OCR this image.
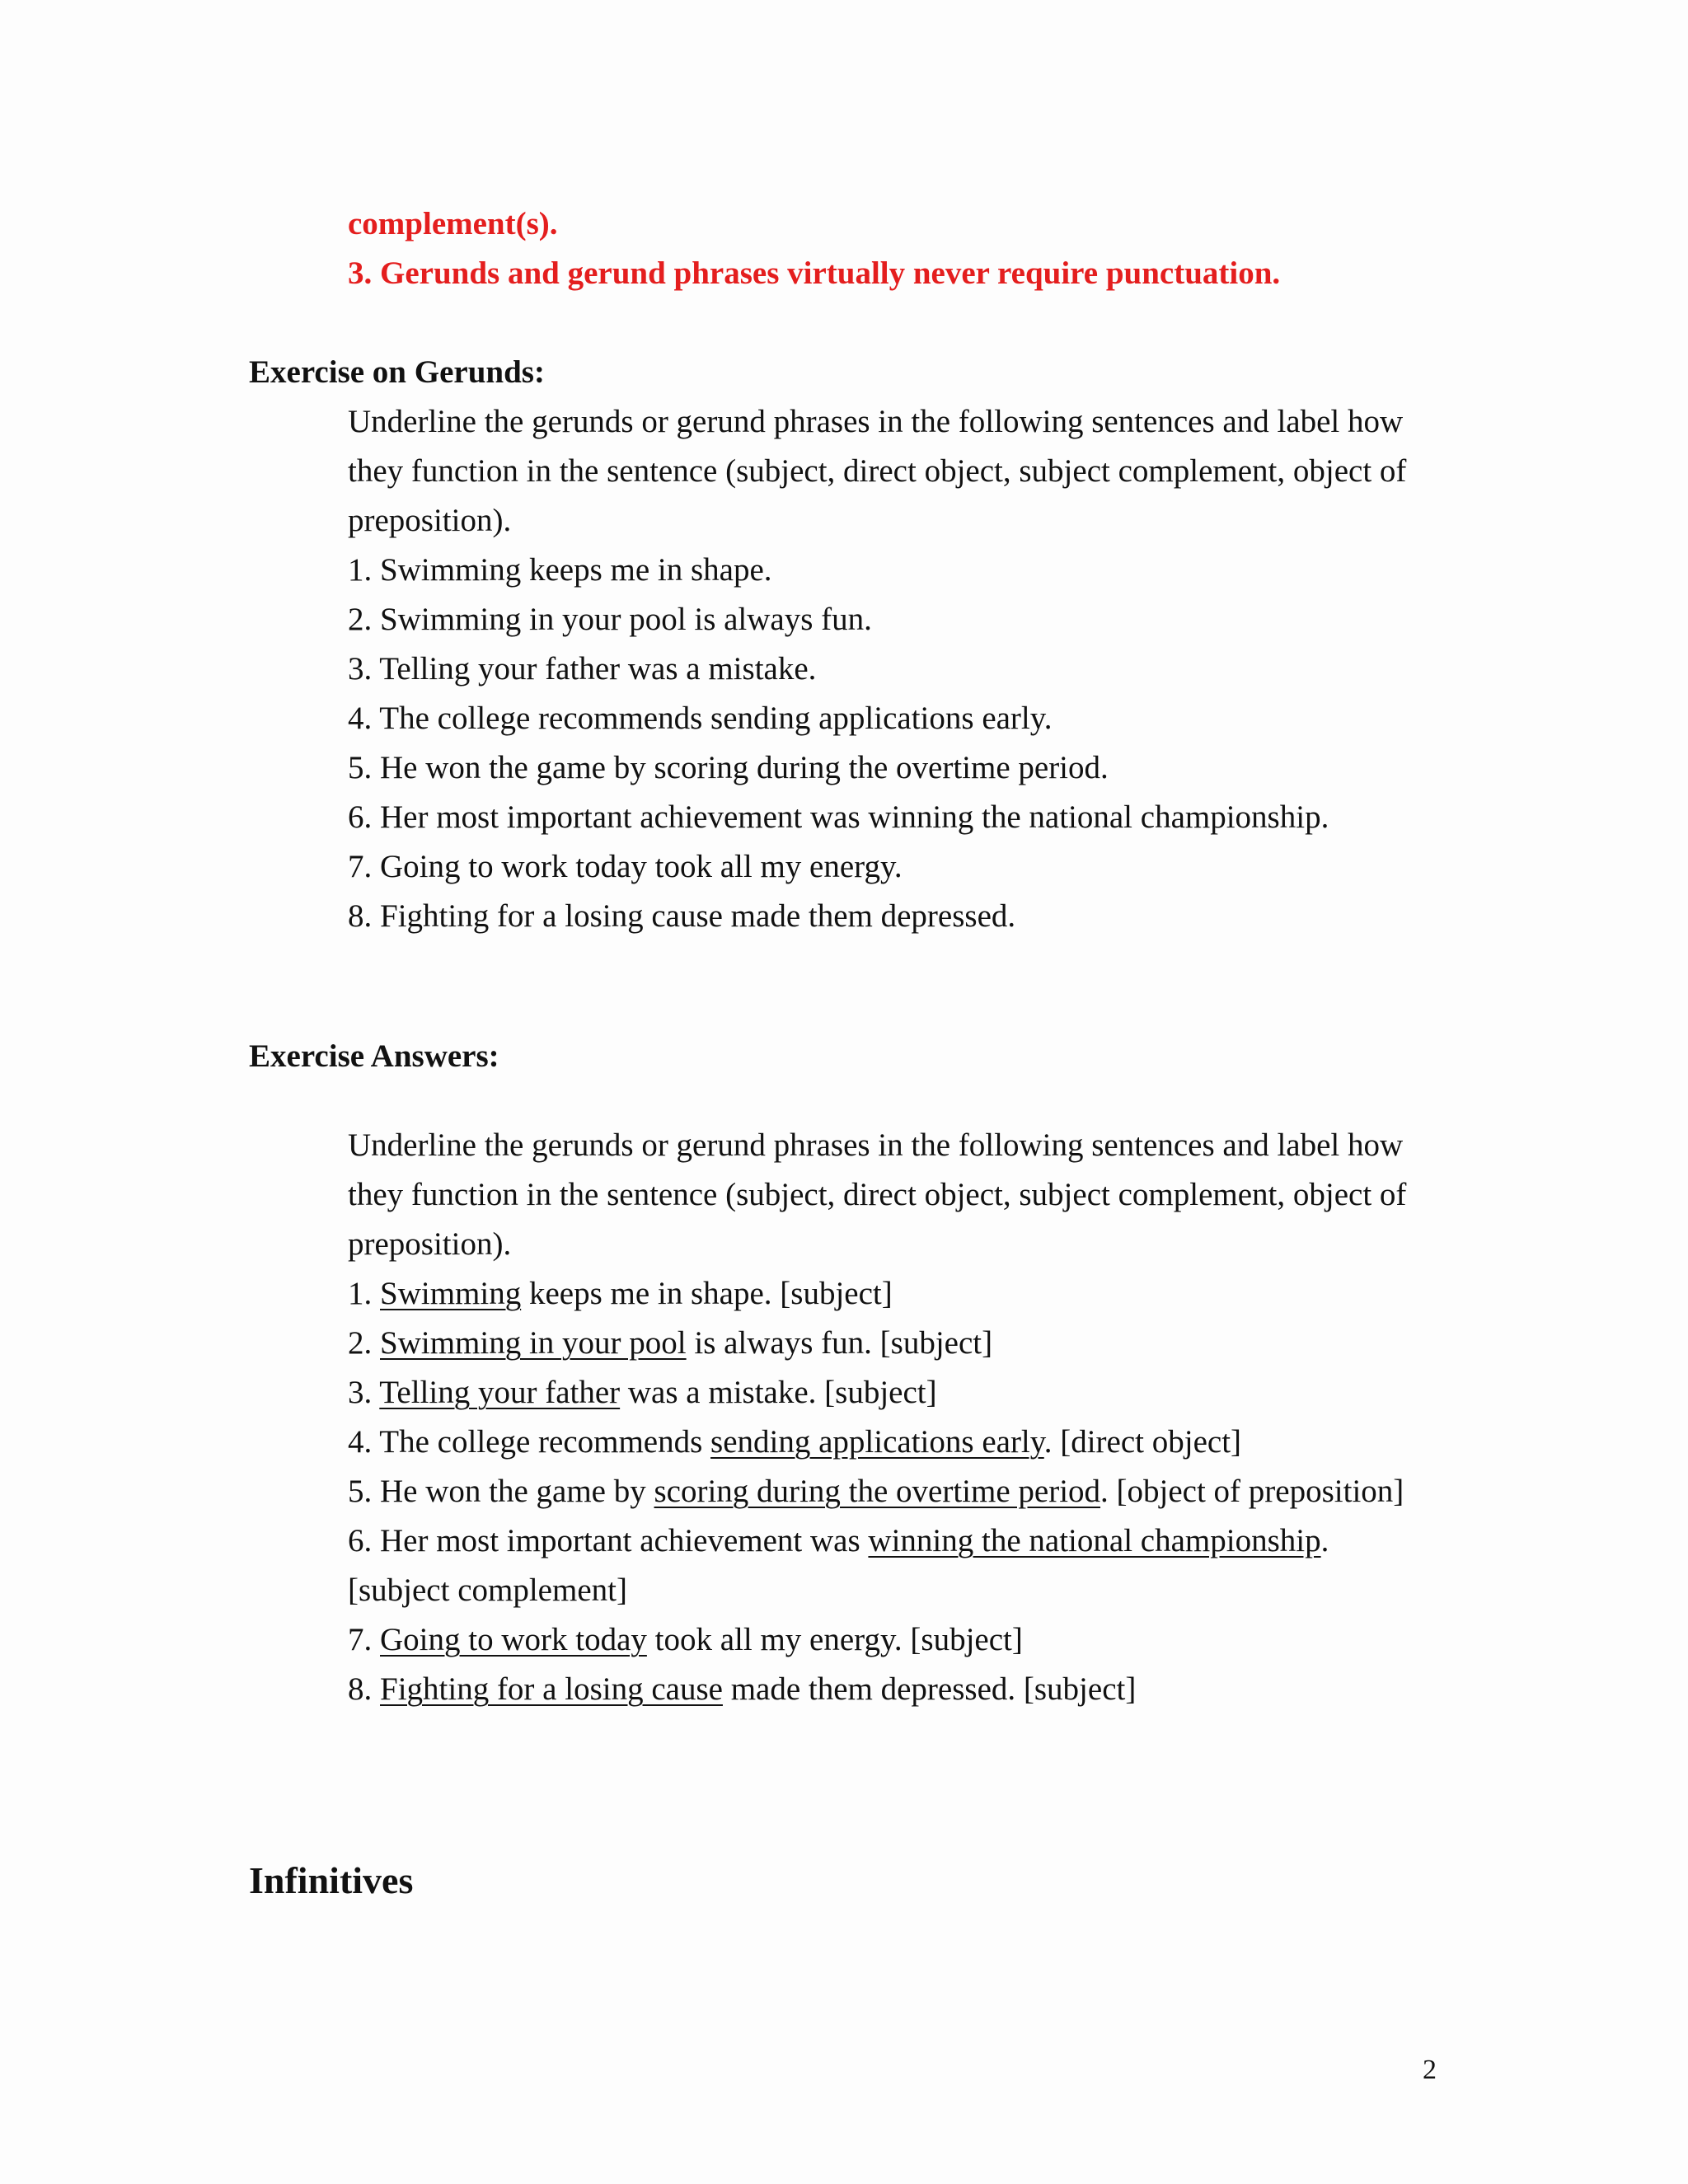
complement(s).
3. Gerunds and gerund phrases virtually never require punctuation.
Exercise on Gerunds:
Underline the gerunds or gerund phrases in the following sentences and label how
they function in the sentence (subject, direct object, subject complement, object of
preposition).
1. Swimming keeps me in shape.
2. Swimming in your pool is always fun.
3. Telling your father was a mistake.
4. The college recommends sending applications early.
5. He won the game by scoring during the overtime period.
6. Her most important achievement was winning the national championship.
7. Going to work today took all my energy.
8. Fighting for a losing cause made them depressed.
Exercise Answers:
Underline the gerunds or gerund phrases in the following sentences and label how
they function in the sentence (subject, direct object, subject complement, object of
preposition).
1. Swimming keeps me in shape. [subject]
2. Swimming in your pool is always fun. [subject]
3. Telling your father was a mistake. [subject]
4. The college recommends sending applications early. [direct object]
5. He won the game by scoring during the overtime period. [object of preposition]
6. Her most important achievement was winning the national championship.
[subject complement]
7. Going to work today took all my energy. [subject]
8. Fighting for a losing cause made them depressed. [subject]
Infinitives
2
